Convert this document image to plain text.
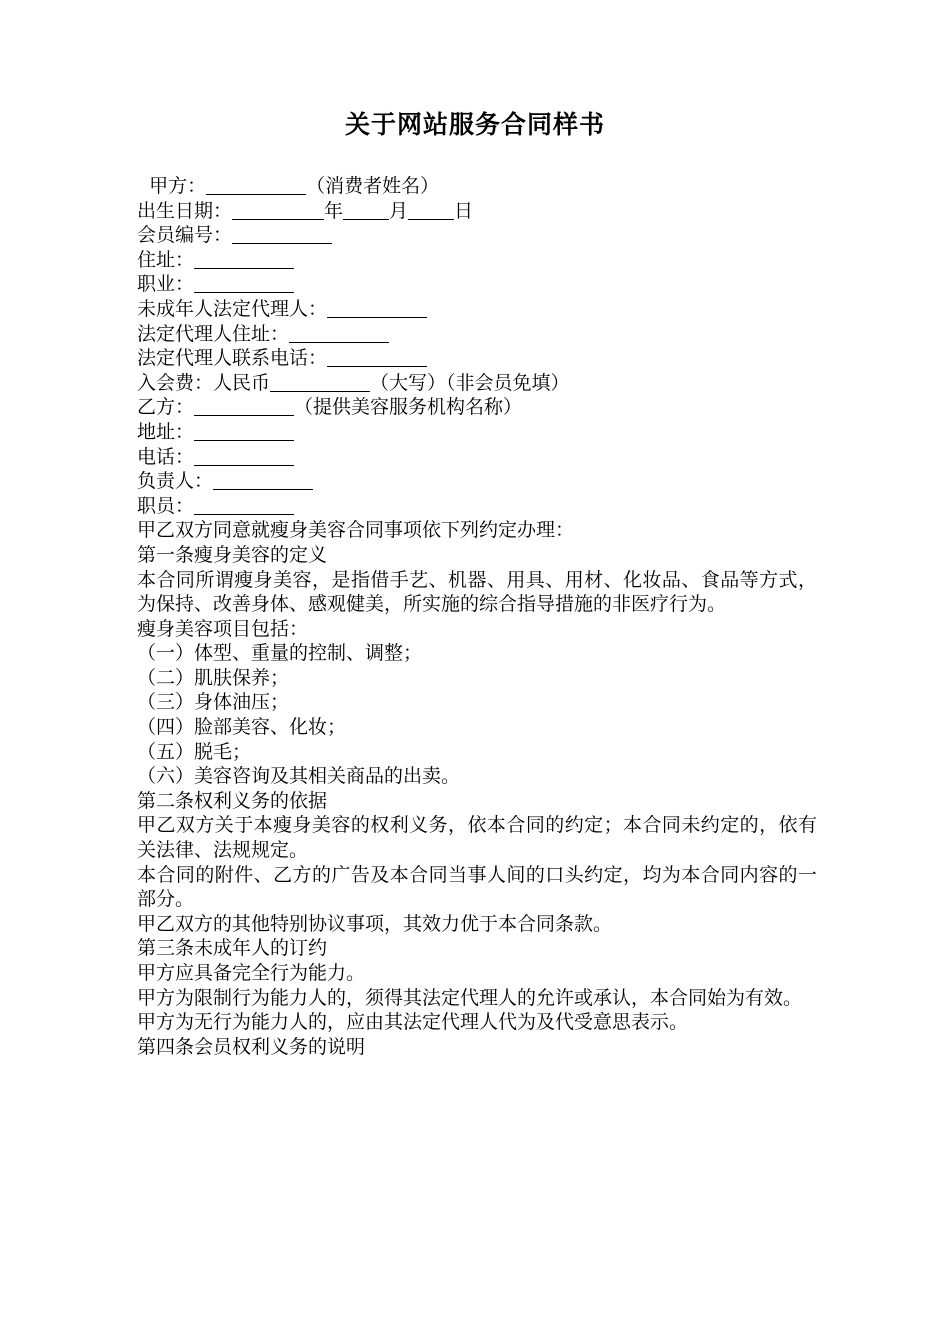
关于网站服务合同样书
甲方：	（消费者姓名）
出生日期：	年 月 日
会员编号：
住址：
职业：
未成年人法定代理人：
法定代理人住址：
法定代理人联系电话：
入会费：人民币	（大写）（非会员免填）
乙方：	（提供美容服务机构名称）
地址：
电话：
负责人：
职员：
甲乙双方同意就瘦身美容合同事项依下列约定办理：
第一条瘦身美容的定义
本合同所谓瘦身美容，是指借手艺、机器、用具、用材、化妆品、食品等方式，为保持、改善身体、感观健美，所实施的综合指导措施的非医疗行为。
瘦身美容项目包括：
（一）体型、重量的控制、调整；
（二）肌肤保养；
（三）身体油压；
（四）脸部美容、化妆；
（五）脱毛；
（六）美容咨询及其相关商品的出卖。
第二条权利义务的依据
甲乙双方关于本瘦身美容的权利义务，依本合同的约定；本合同未约定的，依有关法律、法规规定。
本合同的附件、乙方的广告及本合同当事人间的口头约定，均为本合同内容的一部分。
甲乙双方的其他特别协议事项，其效力优于本合同条款。
第三条未成年人的订约
甲方应具备完全行为能力。
甲方为限制行为能力人的，须得其法定代理人的允许或承认，本合同始为有效。
甲方为无行为能力人的，应由其法定代理人代为及代受意思表示。
第四条会员权利义务的说明
